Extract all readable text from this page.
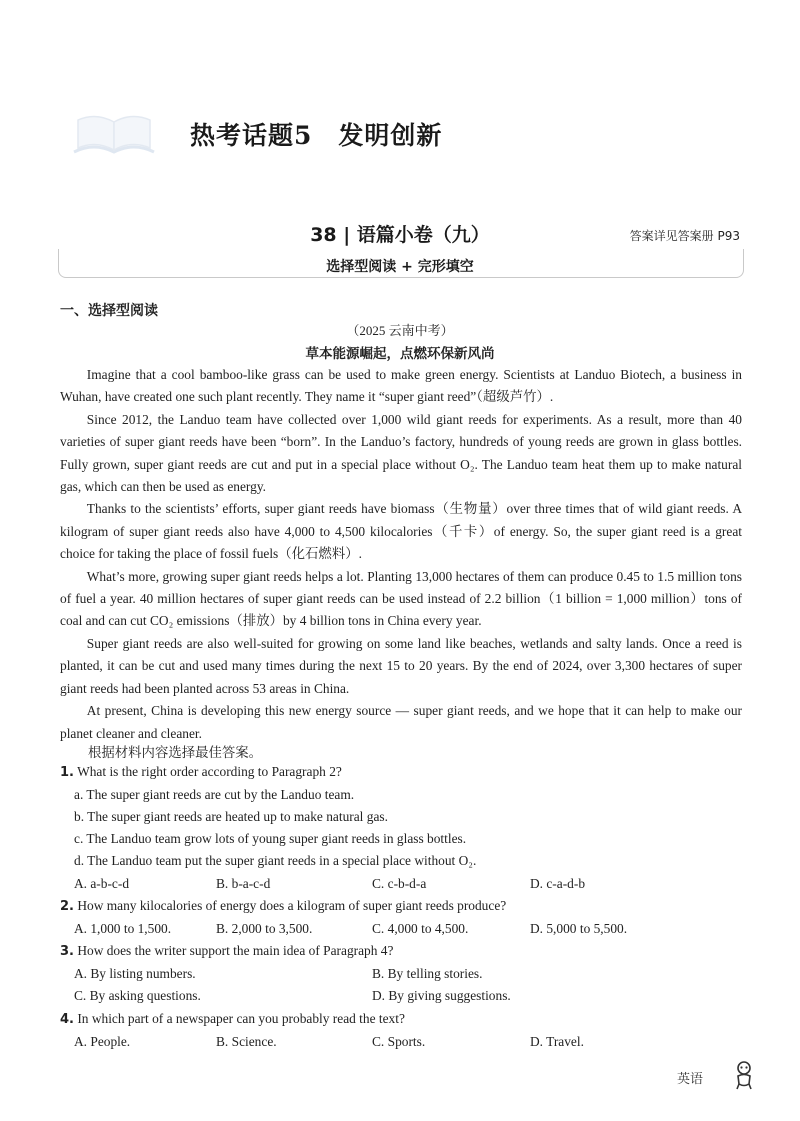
热考话题5　发明创新
38 | 语篇小卷（九）	答案详见答案册 P93
选择型阅读 + 完形填空
一、选择型阅读
（2025 云南中考）
草本能源崛起，点燃环保新风尚

Imagine that a cool bamboo-like grass can be used to make green energy. Scientists at Landuo Biotech, a business in Wuhan, have created one such plant recently. They name it “super giant reed”（超级芦竹）.

Since 2012, the Landuo team have collected over 1,000 wild giant reeds for experiments. As a result, more than 40 varieties of super giant reeds have been “born”. In the Landuo’s factory, hundreds of young reeds are grown in glass bottles. Fully grown, super giant reeds are cut and put in a special place without O₂. The Landuo team heat them up to make natural gas, which can then be used as energy.

Thanks to the scientists’ efforts, super giant reeds have biomass（生物量）over three times that of wild giant reeds. A kilogram of super giant reeds also have 4,000 to 4,500 kilocalories（千卡）of energy. So, the super giant reed is a great choice for taking the place of fossil fuels（化石燃料）.

What’s more, growing super giant reeds helps a lot. Planting 13,000 hectares of them can produce 0.45 to 1.5 million tons of fuel a year. 40 million hectares of super giant reeds can be used instead of 2.2 billion（1 billion = 1,000 million）tons of coal and can cut CO₂ emissions（排放）by 4 billion tons in China every year.

Super giant reeds are also well-suited for growing on some land like beaches, wetlands and salty lands. Once a reed is planted, it can be cut and used many times during the next 15 to 20 years. By the end of 2024, over 3,300 hectares of super giant reeds had been planted across 53 areas in China.

At present, China is developing this new energy source — super giant reeds, and we hope that it can help to make our planet cleaner and cleaner.

根据材料内容选择最佳答案。
1. What is the right order according to Paragraph 2?
a. The super giant reeds are cut by the Landuo team.
b. The super giant reeds are heated up to make natural gas.
c. The Landuo team grow lots of young super giant reeds in glass bottles.
d. The Landuo team put the super giant reeds in a special place without O₂.
A. a-b-c-d	B. b-a-c-d	C. c-b-d-a	D. c-a-d-b
2. How many kilocalories of energy does a kilogram of super giant reeds produce?
A. 1,000 to 1,500.	B. 2,000 to 3,500.	C. 4,000 to 4,500.	D. 5,000 to 5,500.
3. How does the writer support the main idea of Paragraph 4?
A. By listing numbers.	B. By telling stories.
C. By asking questions.	D. By giving suggestions.
4. In which part of a newspaper can you probably read the text?
A. People.	B. Science.	C. Sports.	D. Travel.
英语
